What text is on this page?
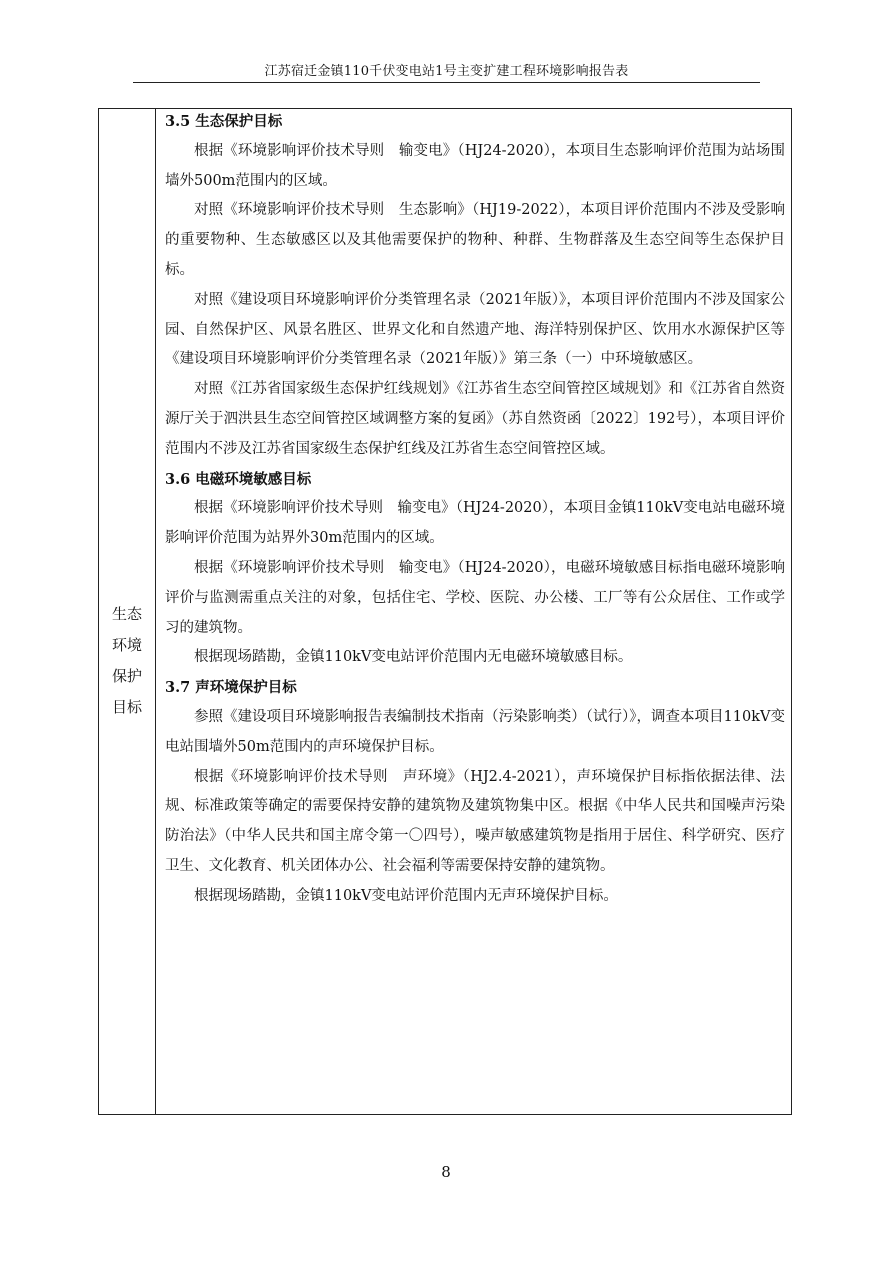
江苏宿迁金镇110千伏变电站1号主变扩建工程环境影响报告表
生态
环境
保护
目标
3.5 生态保护目标

根据《环境影响评价技术导则　输变电》（HJ24-2020），本项目生态影响评价范围为站场围墙外500m范围内的区域。

对照《环境影响评价技术导则　生态影响》（HJ19-2022），本项目评价范围内不涉及受影响的重要物种、生态敏感区以及其他需要保护的物种、种群、生物群落及生态空间等生态保护目标。

对照《建设项目环境影响评价分类管理名录（2021年版）》，本项目评价范围内不涉及国家公园、自然保护区、风景名胜区、世界文化和自然遗产地、海洋特别保护区、饮用水水源保护区等《建设项目环境影响评价分类管理名录（2021年版）》第三条（一）中环境敏感区。

对照《江苏省国家级生态保护红线规划》《江苏省生态空间管控区域规划》和《江苏省自然资源厅关于泗洪县生态空间管控区域调整方案的复函》（苏自然资函〔2022〕192号），本项目评价范围内不涉及江苏省国家级生态保护红线及江苏省生态空间管控区域。

3.6 电磁环境敏感目标

根据《环境影响评价技术导则　输变电》（HJ24-2020），本项目金镇110kV变电站电磁环境影响评价范围为站界外30m范围内的区域。

根据《环境影响评价技术导则　输变电》（HJ24-2020），电磁环境敏感目标指电磁环境影响评价与监测需重点关注的对象，包括住宅、学校、医院、办公楼、工厂等有公众居住、工作或学习的建筑物。

根据现场踏勘，金镇110kV变电站评价范围内无电磁环境敏感目标。

3.7 声环境保护目标

参照《建设项目环境影响报告表编制技术指南（污染影响类）（试行）》，调查本项目110kV变电站围墙外50m范围内的声环境保护目标。

根据《环境影响评价技术导则　声环境》（HJ2.4-2021），声环境保护目标指依据法律、法规、标准政策等确定的需要保持安静的建筑物及建筑物集中区。根据《中华人民共和国噪声污染防治法》（中华人民共和国主席令第一〇四号），噪声敏感建筑物是指用于居住、科学研究、医疗卫生、文化教育、机关团体办公、社会福利等需要保持安静的建筑物。

根据现场踏勘，金镇110kV变电站评价范围内无声环境保护目标。

8
